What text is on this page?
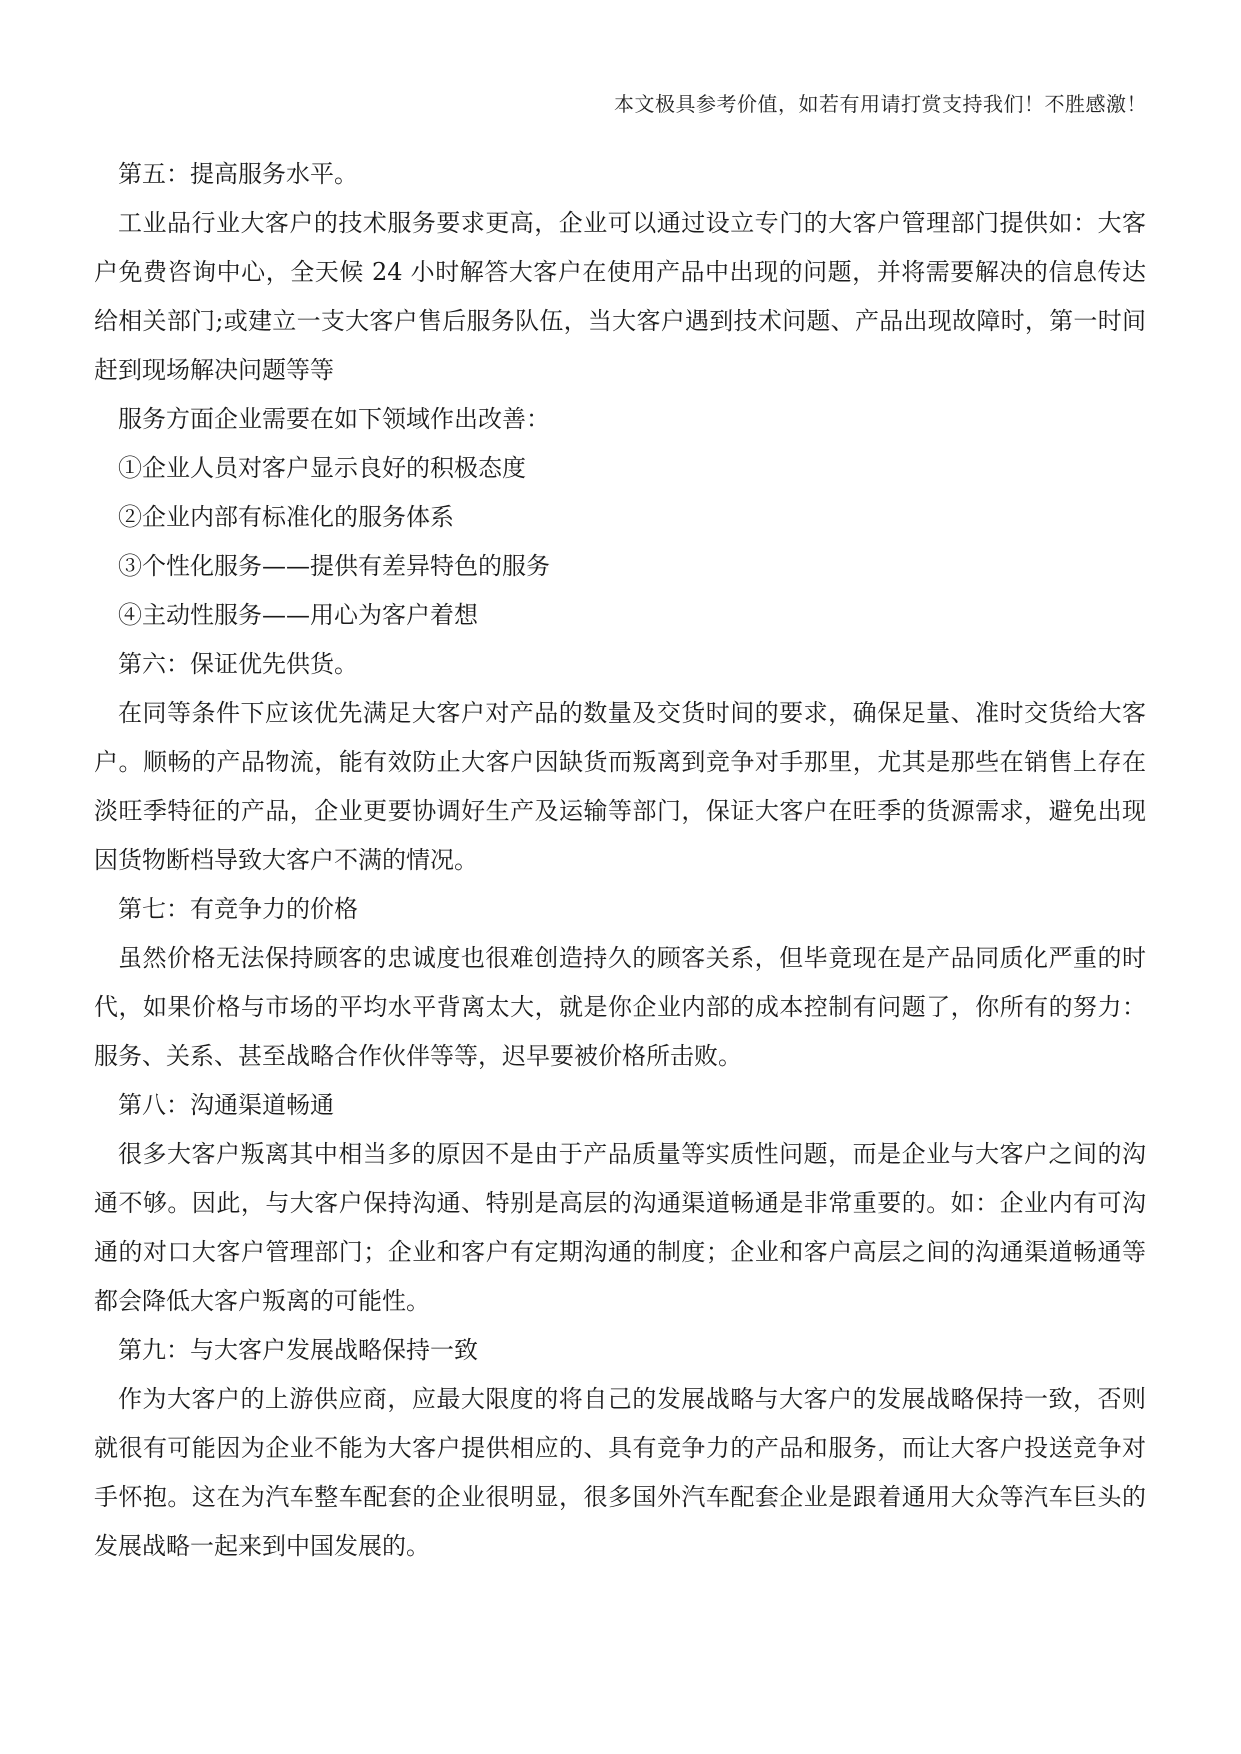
本文极具参考价值，如若有用请打赏支持我们！不胜感激！

第五：提高服务水平。

工业品行业大客户的技术服务要求更高，企业可以通过设立专门的大客户管理部门提供如：大客户免费咨询中心，全天候 24 小时解答大客户在使用产品中出现的问题，并将需要解决的信息传达给相关部门;或建立一支大客户售后服务队伍，当大客户遇到技术问题、产品出现故障时，第一时间赶到现场解决问题等等

服务方面企业需要在如下领域作出改善：

①企业人员对客户显示良好的积极态度

②企业内部有标准化的服务体系

③个性化服务——提供有差异特色的服务

④主动性服务——用心为客户着想

第六：保证优先供货。

在同等条件下应该优先满足大客户对产品的数量及交货时间的要求，确保足量、准时交货给大客户。顺畅的产品物流，能有效防止大客户因缺货而叛离到竞争对手那里，尤其是那些在销售上存在淡旺季特征的产品，企业更要协调好生产及运输等部门，保证大客户在旺季的货源需求，避免出现因货物断档导致大客户不满的情况。

第七：有竞争力的价格

虽然价格无法保持顾客的忠诚度也很难创造持久的顾客关系，但毕竟现在是产品同质化严重的时代，如果价格与市场的平均水平背离太大，就是你企业内部的成本控制有问题了，你所有的努力：服务、关系、甚至战略合作伙伴等等，迟早要被价格所击败。

第八：沟通渠道畅通

很多大客户叛离其中相当多的原因不是由于产品质量等实质性问题，而是企业与大客户之间的沟通不够。因此，与大客户保持沟通、特别是高层的沟通渠道畅通是非常重要的。如：企业内有可沟通的对口大客户管理部门；企业和客户有定期沟通的制度；企业和客户高层之间的沟通渠道畅通等都会降低大客户叛离的可能性。

第九：与大客户发展战略保持一致

作为大客户的上游供应商，应最大限度的将自己的发展战略与大客户的发展战略保持一致，否则就很有可能因为企业不能为大客户提供相应的、具有竞争力的产品和服务，而让大客户投送竞争对手怀抱。这在为汽车整车配套的企业很明显，很多国外汽车配套企业是跟着通用大众等汽车巨头的发展战略一起来到中国发展的。
